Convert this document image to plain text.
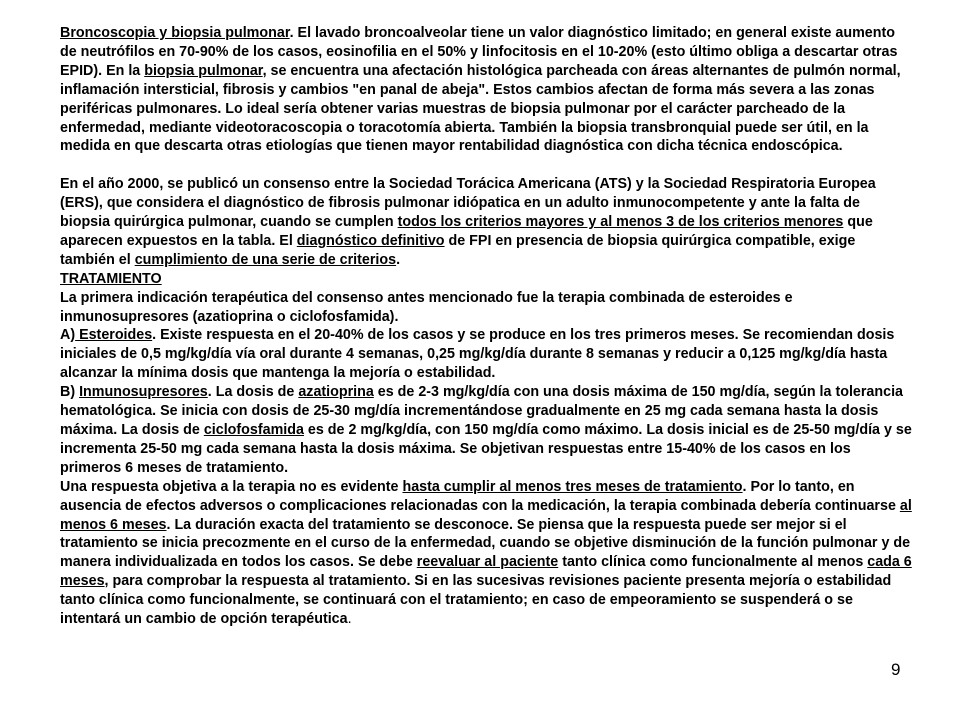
Broncoscopia y biopsia pulmonar. El lavado broncoalveolar tiene un valor diagnóstico limitado; en general existe aumento de neutrófilos en 70-90% de los casos, eosinofilia en el 50% y linfocitosis en el 10-20% (esto último obliga a descartar otras EPID). En la biopsia pulmonar, se encuentra una afectación histológica parcheada con áreas alternantes de pulmón normal, inflamación intersticial, fibrosis y cambios "en panal de abeja". Estos cambios afectan de forma más severa a las zonas periféricas pulmonares. Lo ideal sería obtener varias muestras de biopsia pulmonar por el carácter parcheado de la enfermedad, mediante videotoracoscopia o toracotomía abierta. También la biopsia transbronquial puede ser útil, en la medida en que descarta otras etiologías que tienen mayor rentabilidad diagnóstica con dicha técnica endoscópica.

En el año 2000, se publicó un consenso entre la Sociedad Torácica Americana (ATS) y la Sociedad Respiratoria Europea (ERS), que considera el diagnóstico de fibrosis pulmonar idiópatica en un adulto inmunocompetente y ante la falta de biopsia quirúrgica pulmonar, cuando se cumplen todos los criterios mayores y al menos 3 de los criterios menores que aparecen expuestos en la tabla. El diagnóstico definitivo de FPI en presencia de biopsia quirúrgica compatible, exige también el cumplimiento de una serie de criterios.

TRATAMIENTO

La primera indicación terapéutica del consenso antes mencionado fue la terapia combinada de esteroides e inmunosupresores (azatioprina o ciclofosfamida).

A) Esteroides. Existe respuesta en el 20-40% de los casos y se produce en los tres primeros meses. Se recomiendan dosis iniciales de 0,5 mg/kg/día vía oral durante 4 semanas, 0,25 mg/kg/día durante 8 semanas y reducir a 0,125 mg/kg/día hasta alcanzar la mínima dosis que mantenga la mejoría o estabilidad.

B) Inmunosupresores. La dosis de azatioprina es de 2-3 mg/kg/día con una dosis máxima de 150 mg/día, según la tolerancia hematológica. Se inicia con dosis de 25-30 mg/día incrementándose gradualmente en 25 mg cada semana hasta la dosis máxima. La dosis de ciclofosfamida es de 2 mg/kg/día, con 150 mg/día como máximo. La dosis inicial es de 25-50 mg/día y se incrementa 25-50 mg cada semana hasta la dosis máxima. Se objetivan respuestas entre 15-40% de los casos en los primeros 6 meses de tratamiento.

Una respuesta objetiva a la terapia no es evidente hasta cumplir al menos tres meses de tratamiento. Por lo tanto, en ausencia de efectos adversos o complicaciones relacionadas con la medicación, la terapia combinada debería continuarse al menos 6 meses. La duración exacta del tratamiento se desconoce. Se piensa que la respuesta puede ser mejor si el tratamiento se inicia precozmente en el curso de la enfermedad, cuando se objetive disminución de la función pulmonar y de manera individualizada en todos los casos. Se debe reevaluar al paciente tanto clínica como funcionalmente al menos cada 6 meses, para comprobar la respuesta al tratamiento. Si en las sucesivas revisiones paciente presenta mejoría o estabilidad tanto clínica como funcionalmente, se continuará con el tratamiento; en caso de empeoramiento se suspenderá o se intentará un cambio de opción terapéutica.

9
